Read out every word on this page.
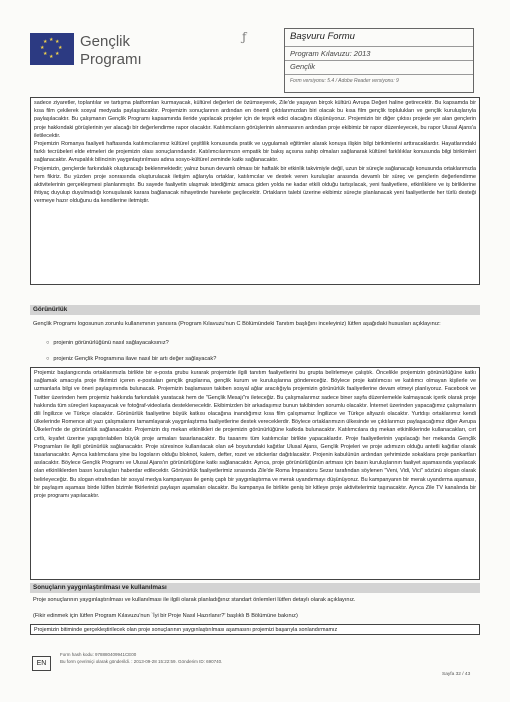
★ ★
★
★
★
★
★
★ Gençlik
Programı
ƒ	Başvuru Formu
Program Kılavuzu: 2013
Gençlik
Form versiyonu: 5.4 / Adobe Reader versiyonu: 9

sadece ziyaretler, toplantılar ve tartışma platformları kurmayacak, kültürel değerleri de özümseyerek, Zile'de yaşayan birçok kültürü Avrupa Değeri haline getirecektir. Bu kapsamda bir kısa film çekilerek sosyal medyada paylaşılacaktır. Projemizin sonuçlarının ardından en önemli çıktılarımızdan biri olacak bu kısa film gençlik toplulukları ve gençlik kuruluşlarıyla paylaşılacaktır. Bu çalışmanın Gençlik Programı kapsamında ileride yapılacak projeler için de teşvik edici olacağını düşünüyoruz. Projemizin bir diğer çıktısı projede yer alan gençlerin proje hakkındaki görüşlerinin yer alacağı bir değerlendirme rapor olacaktır. Katılımcıların görüşlerinin alınmasının ardından proje ekibimiz bir rapor düzenleyecek, bu rapor Ulusal Ajans'a iletilecektir.

Projemizin Romanya faaliyeti haftasında katılımcılarımız kültürel çeşitlilik konusunda pratik ve uygulamalı eğitimler alarak konuya ilişkin bilgi birikimlerini arttıracaklardır. Hayatlarındaki farklı tecrübeleri elde etmeleri de projemizin olası sonuçlarındandır. Katılımcılarımızın empatik bir bakış açısına sahip olmaları sağlanarak kültürel farklılıklar konusunda bilgi birikimleri sağlanacaktır. Avrupalılık bilincinin yaygınlaştırılması adına sosyo-kültürel zeminde katkı sağlanacaktır.

Projemizin, gençlerde farkındalık oluşturacağı beklenmektedir; yalnız bunun devamlı olması bir haftalık bir etkinlik takvimiyle değil, uzun bir süreçle sağlanacağı konusunda ortaklarımızla hem fikiriz. Bu yüzden proje sonrasında oluşturulacak iletişim ağlarıyla ortaklar, katılımcılar ve destek veren kuruluşlar arasında devamlı bir süreç ve gençlerin değerlendirme aktivitelerinin gerçekleşmesi planlanmıştır. Bu sayede faaliyetin ulaşmak istediğimiz amaca giden yolda ne kadar etkili olduğu tartışılacak, yeni faaliyetlere, etkinliklere ve iş birliklerine ihtiyaç duyulup duyulmadığı konuşularak karara bağlanacak nihayetinde harekete geçilecektir. Ortakların talebi üzerine ekibimiz süreçte planlanacak yeni faaliyetlerde her türlü desteği vermeye hazır olduğunu da kendilerine iletmiştir.

Görünürlük
Gençlik Programı logosunun zorunlu kullanımının yanısıra (Program Kılavuzu'nun C Bölümündeki Tanıtım başlığını inceleyiniz) lütfen aşağıdaki hususları açıklayınız:
○ projenin görünürlüğünü nasıl sağlayacaksınız?
○ projeniz Gençlik Programına ilave nasıl bir artı değer sağlayacak?

Projemiz başlangıcında ortaklarımızla birlikte bir e-posta grubu kurarak projemizle ilgili tanıtım faaliyetlerini bu grupta belirlemeye çalıştık. Öncelikle projemizin görünürlüğüne katkı sağlamak amacıyla proje fikrimizi içeren e-postaları gençlik gruplarına, gençlik kurum ve kuruluşlarına göndereceğiz. Böylece proje katılımcısı ve katılımcı olmayan kişilerle ve uzmanlarla bilgi ve öneri paylaşımında bulunacak. Projemizin başlamasın takiben sosyal ağlar aracılığıyla projemizin görünürlük faaliyetlerine devam etmeyi planlıyoruz. Facebook ve Twitter üzerinden hem projemiz hakkında farkındalık yaratacak hem de "Gençlik Mesajı"nı ileteceğiz. Bu çalışmalarımız sadece biner sayfa düzenlemekle kalmayacak içerik olarak proje hakkında tüm süreçleri kapsayacak ve fotoğraf-videolarla desteklenecektir. Ekibimizden bir arkadaşımız bunun takibinden sorumlu olacaktır. İnternet üzerinden yapacağımız çalışmaların dili İngilizce ve Türkçe olacaktır. Görünürlük faaliyetine büyük katkısı olacağına inandığımız kısa film çalışmamız İngilizce ve Türkçe altyazılı olacaktır. Yurtdışı ortaklarımız kendi ülkelerinde Romence alt yazı çalışmalarını tamamlayarak yaygınlaştırma faaliyetlerine destek vereceklerdir. Böylece ortaklarımızın ülkesinde ve çıktılarımızı paylaşacağımız diğer Avrupa Ülkeleri'nde de görünürlük sağlanacaktır. Projemizin dış mekan etkinlikleri de projemizin görünürlüğüne katkıda bulunacaktır. Katılımcılara dış mekan etkinliklerinde kullanacakları, cırt cırtlı, kıyafet üzerine yapıştırılabilen büyük proje armaları tasarlanacaktır. Bu tasarımı tüm katılımcılar birlikte yapacaklardır. Proje faaliyetlerinin yapılacağı her mekanda Gençlik Programları ile ilgili görünürlük sağlanacaktır. Proje süresince kullanılacak olan a4 boyutundaki kağıtlar Ulusal Ajans, Gençlik Projeleri ve proje adımızın olduğu antetli kağıtlar olarak tasarlanacaktır. Ayrıca katılımcılara yine bu logoların olduğu bloknot, kalem, defter, rozet ve stickerlar dağıtılacaktır. Projenin kabulünün ardından şehrimizde sokaklara proje pankartları asılacaktır. Böylece Gençlik Programı ve Ulusal Ajans'ın görünürlüğüne katkı sağlanacaktır. Ayrıca, proje görünürlüğünün artması için basın kuruluşlarının faaliyet aşamasında yapılacak olan etkinliklerden basın kuruluşları haberdar edilecektir. Görünürlük faaliyetlerimiz sırasında Zile'de Roma İmparatoru Sezar tarafından söylenen "Veni, Vidi, Vici" sözünü slogan olarak belirleyeceğiz. Bu slogan etrafından bir sosyal medya kampanyası ile geniş çaplı bir yaygınlaştırma ve merak uyandırmayı düşünüyoruz. Bu kampanyanın bir merak uyandırma aşaması, bir paylaşım aşaması birde lütfen bizimle fikirlerinizi paylaşın aşamaları olacaktır. Bu kampanya ile birlikte geniş bir kitleye proje aktivitelerimiz taşınacaktır. Ayrıca Zile TV kanalında bir proje programı yapılacaktır.

Sonuçların yaygınlaştırılması ve kullanılması
Proje sonuçlarının yaygınlaştırılması ve kullanılması ile ilgili olarak planladığınız standart önlemleri lütfen detaylı olarak açıklayınız.
(Fikir edinmek için lütfen Program Kılavuzu'nun `İyi bir Proje Nasıl Hazırlanır?' başlıklı B Bölümüne bakınız)

Projemizin bitiminde gerçekleştirilecek olan proje sonuçlarının yaygınlaştırılması aşamasını projemizi başarıyla sonlandırmamız

EN
Form hash kodu: 978880409941CE00
Bu form çevrimiçi olarak gönderildi. : 2013-09-28 15:22:59. Gönderim ID: 690740.
Sayfa 32 / 43
